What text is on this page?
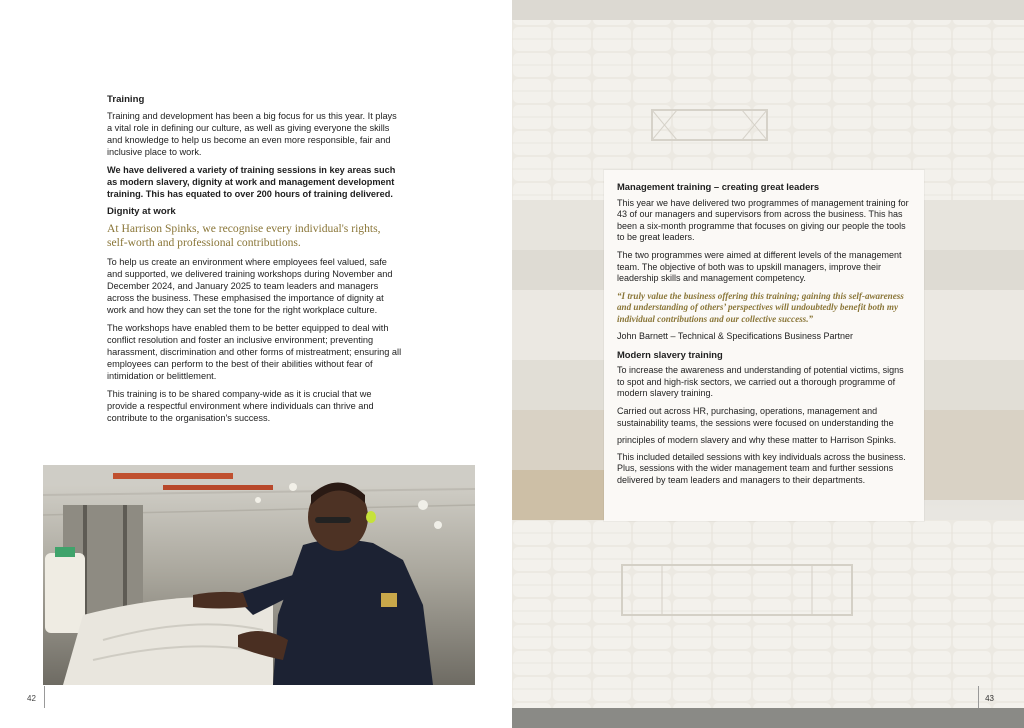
Training

Training and development has been a big focus for us this year. It plays a vital role in defining our culture, as well as giving everyone the skills and knowledge to help us become an even more responsible, fair and inclusive place to work.

We have delivered a variety of training sessions in key areas such as modern slavery, dignity at work and management development training. This has equated to over 200 hours of training delivered.

Dignity at work

At Harrison Spinks, we recognise every individual's rights, self-worth and professional contributions.

To help us create an environment where employees feel valued, safe and supported, we delivered training workshops during November and December 2024, and January 2025 to team leaders and managers across the business. These emphasised the importance of dignity at work and how they can set the tone for the right workplace culture.

The workshops have enabled them to be better equipped to deal with conflict resolution and foster an inclusive environment; preventing harassment, discrimination and other forms of mistreatment; ensuring all employees can perform to the best of their abilities without fear of intimidation or belittlement.

This training is to be shared company-wide as it is crucial that we provide a respectful environment where individuals can thrive and contribute to the organisation's success.

42	43
Management training – creating great leaders

This year we have delivered two programmes of management training for 43 of our managers and supervisors from across the business. This has been a six-month programme that focuses on giving our people the tools to be great leaders.

The two programmes were aimed at different levels of the management team. The objective of both was to upskill managers, improve their leadership skills and management competency.

“I truly value the business offering this training; gaining this self-awareness and understanding of others’ perspectives will undoubtedly benefit both my individual contributions and our collective success.”

John Barnett – Technical & Specifications Business Partner

Modern slavery training

To increase the awareness and understanding of potential victims, signs to spot and high-risk sectors, we carried out a thorough programme of modern slavery training.

Carried out across HR, purchasing, operations, management and sustainability teams, the sessions were focused on understanding the

principles of modern slavery and why these matter to Harrison Spinks.

This included detailed sessions with key individuals across the business. Plus, sessions with the wider management team and further sessions delivered by team leaders and managers to their departments.
